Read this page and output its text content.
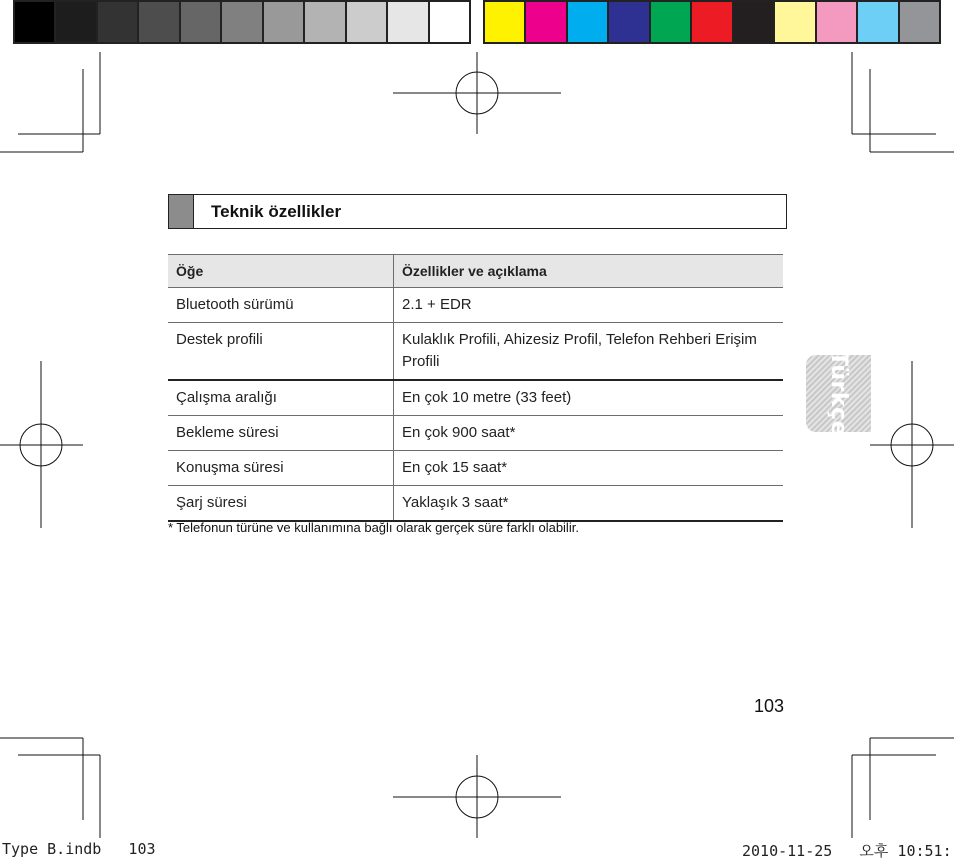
Teknik özellikler
Öğe	Özellikler ve açıklama
Bluetooth sürümü	2.1 + EDR
Destek profili	Kulaklık Profili, Ahizesiz Profil, Telefon Rehberi Erişim Profili
Çalışma aralığı	En çok 10 metre (33 feet)
Bekleme süresi	En çok 900 saat*
Konuşma süresi	En çok 15 saat*
Şarj süresi	Yaklaşık 3 saat*
* Telefonun türüne ve kullanımına bağlı olarak gerçek süre farklı olabilir.
Türkçe
103
Type B.indb   103	2010-11-25   오후 10:51:
